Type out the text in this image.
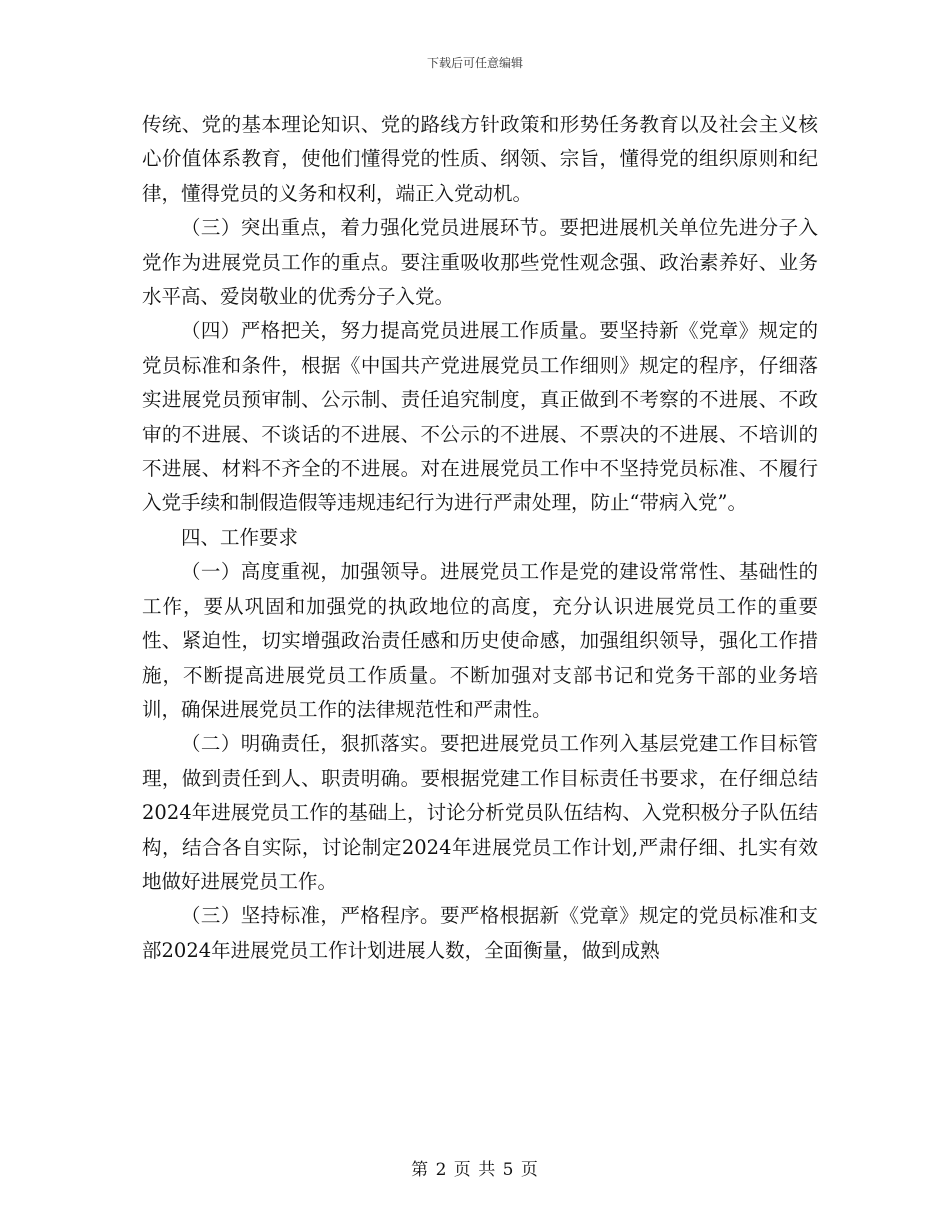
下载后可任意编辑

传统、党的基本理论知识、党的路线方针政策和形势任务教育以及社会主义核心价值体系教育，使他们懂得党的性质、纲领、宗旨，懂得党的组织原则和纪律，懂得党员的义务和权利，端正入党动机。

（三）突出重点，着力强化党员进展环节。要把进展机关单位先进分子入党作为进展党员工作的重点。要注重吸收那些党性观念强、政治素养好、业务水平高、爱岗敬业的优秀分子入党。

（四）严格把关，努力提高党员进展工作质量。要坚持新《党章》规定的党员标准和条件，根据《中国共产党进展党员工作细则》规定的程序，仔细落实进展党员预审制、公示制、责任追究制度，真正做到不考察的不进展、不政审的不进展、不谈话的不进展、不公示的不进展、不票决的不进展、不培训的不进展、材料不齐全的不进展。对在进展党员工作中不坚持党员标准、不履行入党手续和制假造假等违规违纪行为进行严肃处理，防止“带病入党”。

四、工作要求

（一）高度重视，加强领导。进展党员工作是党的建设常常性、基础性的工作，要从巩固和加强党的执政地位的高度，充分认识进展党员工作的重要性、紧迫性，切实增强政治责任感和历史使命感，加强组织领导，强化工作措施，不断提高进展党员工作质量。不断加强对支部书记和党务干部的业务培训，确保进展党员工作的法律规范性和严肃性。

（二）明确责任，狠抓落实。要把进展党员工作列入基层党建工作目标管理，做到责任到人、职责明确。要根据党建工作目标责任书要求，在仔细总结2024年进展党员工作的基础上，讨论分析党员队伍结构、入党积极分子队伍结构，结合各自实际，讨论制定2024年进展党员工作计划,严肃仔细、扎实有效地做好进展党员工作。

（三）坚持标准，严格程序。要严格根据新《党章》规定的党员标准和支部2024年进展党员工作计划进展人数，全面衡量，做到成熟

第 2 页 共 5 页
